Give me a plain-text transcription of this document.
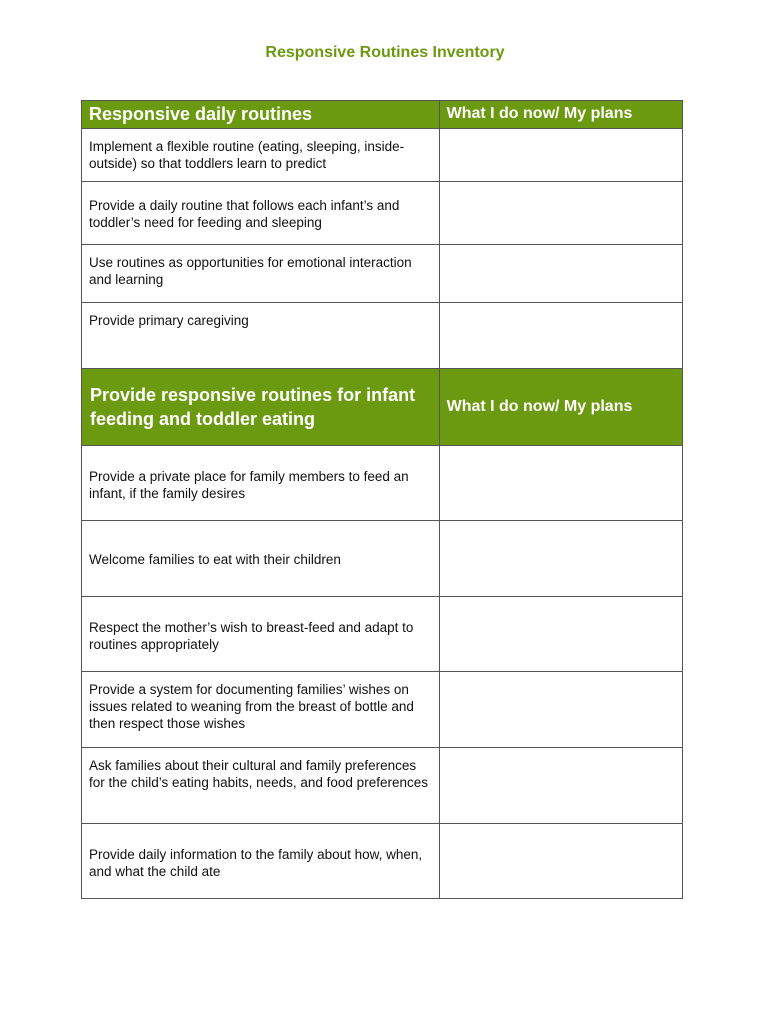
Responsive Routines Inventory
Responsive daily routines	What I do now/ My plans
Implement a flexible routine (eating, sleeping, inside-outside) so that toddlers learn to predict	
Provide a daily routine that follows each infant’s and toddler’s need for feeding and sleeping	
Use routines as opportunities for emotional interaction and learning	
Provide primary caregiving	
Provide responsive routines for infant feeding and toddler eating	What I do now/ My plans
Provide a private place for family members to feed an infant, if the family desires	
Welcome families to eat with their children	
Respect the mother’s wish to breast-feed and adapt to routines appropriately	
Provide a system for documenting families’ wishes on issues related to weaning from the breast of bottle and then respect those wishes	
Ask families about their cultural and family preferences for the child’s eating habits, needs, and food preferences	
Provide daily information to the family about how, when, and what the child ate	
